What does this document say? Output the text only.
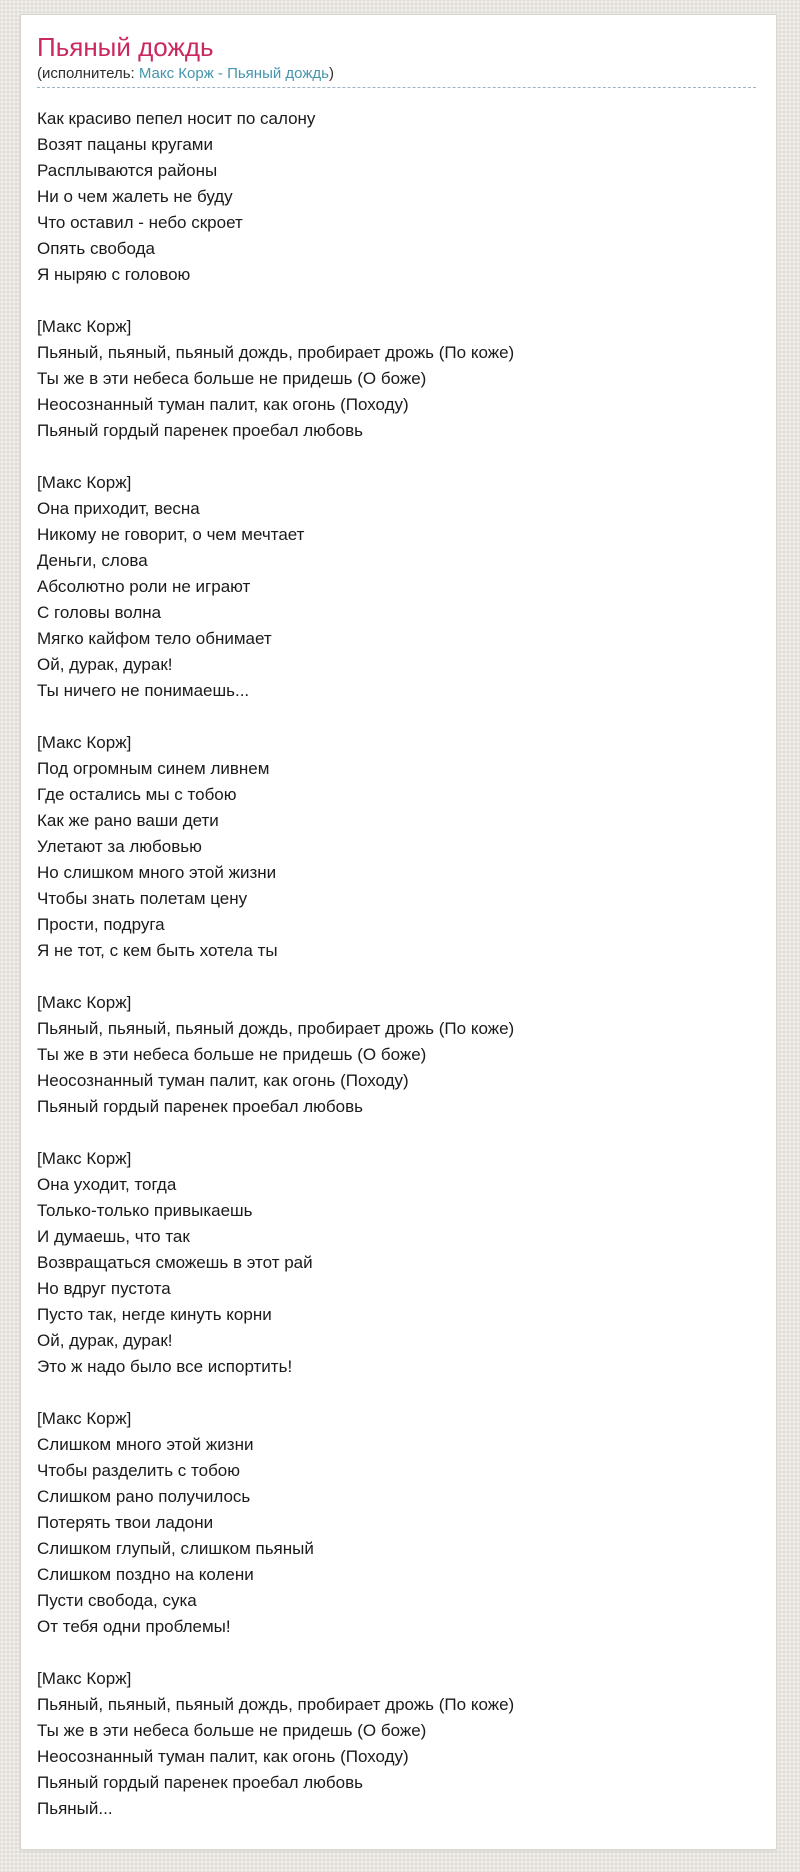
Пьяный дождь
(исполнитель: Макс Корж - Пьяный дождь)
Как красиво пепел носит по салону
Возят пацаны кругами
Расплываются районы
Ни о чем жалеть не буду
Что оставил - небо скроет
Опять свобода
Я ныряю с головою
[Макс Корж]
Пьяный, пьяный, пьяный дождь, пробирает дрожь (По коже)
Ты же в эти небеса больше не придешь (О боже)
Неосознанный туман палит, как огонь (Походу)
Пьяный гордый паренек проебал любовь
[Макс Корж]
Она приходит, весна
Никому не говорит, о чем мечтает
Деньги, слова
Абсолютно роли не играют
С головы волна
Мягко кайфом тело обнимает
Ой, дурак, дурак!
Ты ничего не понимаешь...
[Макс Корж]
Под огромным синем ливнем
Где остались мы с тобою
Как же рано ваши дети
Улетают за любовью
Но слишком много этой жизни
Чтобы знать полетам цену
Прости, подруга
Я не тот, с кем быть хотела ты
[Макс Корж]
Пьяный, пьяный, пьяный дождь, пробирает дрожь (По коже)
Ты же в эти небеса больше не придешь (О боже)
Неосознанный туман палит, как огонь (Походу)
Пьяный гордый паренек проебал любовь
[Макс Корж]
Она уходит, тогда
Только-только привыкаешь
И думаешь, что так
Возвращаться сможешь в этот рай
Но вдруг пустота
Пусто так, негде кинуть корни
Ой, дурак, дурак!
Это ж надо было все испортить!
[Макс Корж]
Слишком много этой жизни
Чтобы разделить с тобою
Слишком рано получилось
Потерять твои ладони
Слишком глупый, слишком пьяный
Слишком поздно на колени
Пусти свобода, сука
От тебя одни проблемы!
[Макс Корж]
Пьяный, пьяный, пьяный дождь, пробирает дрожь (По коже)
Ты же в эти небеса больше не придешь (О боже)
Неосознанный туман палит, как огонь (Походу)
Пьяный гордый паренек проебал любовь
Пьяный...
